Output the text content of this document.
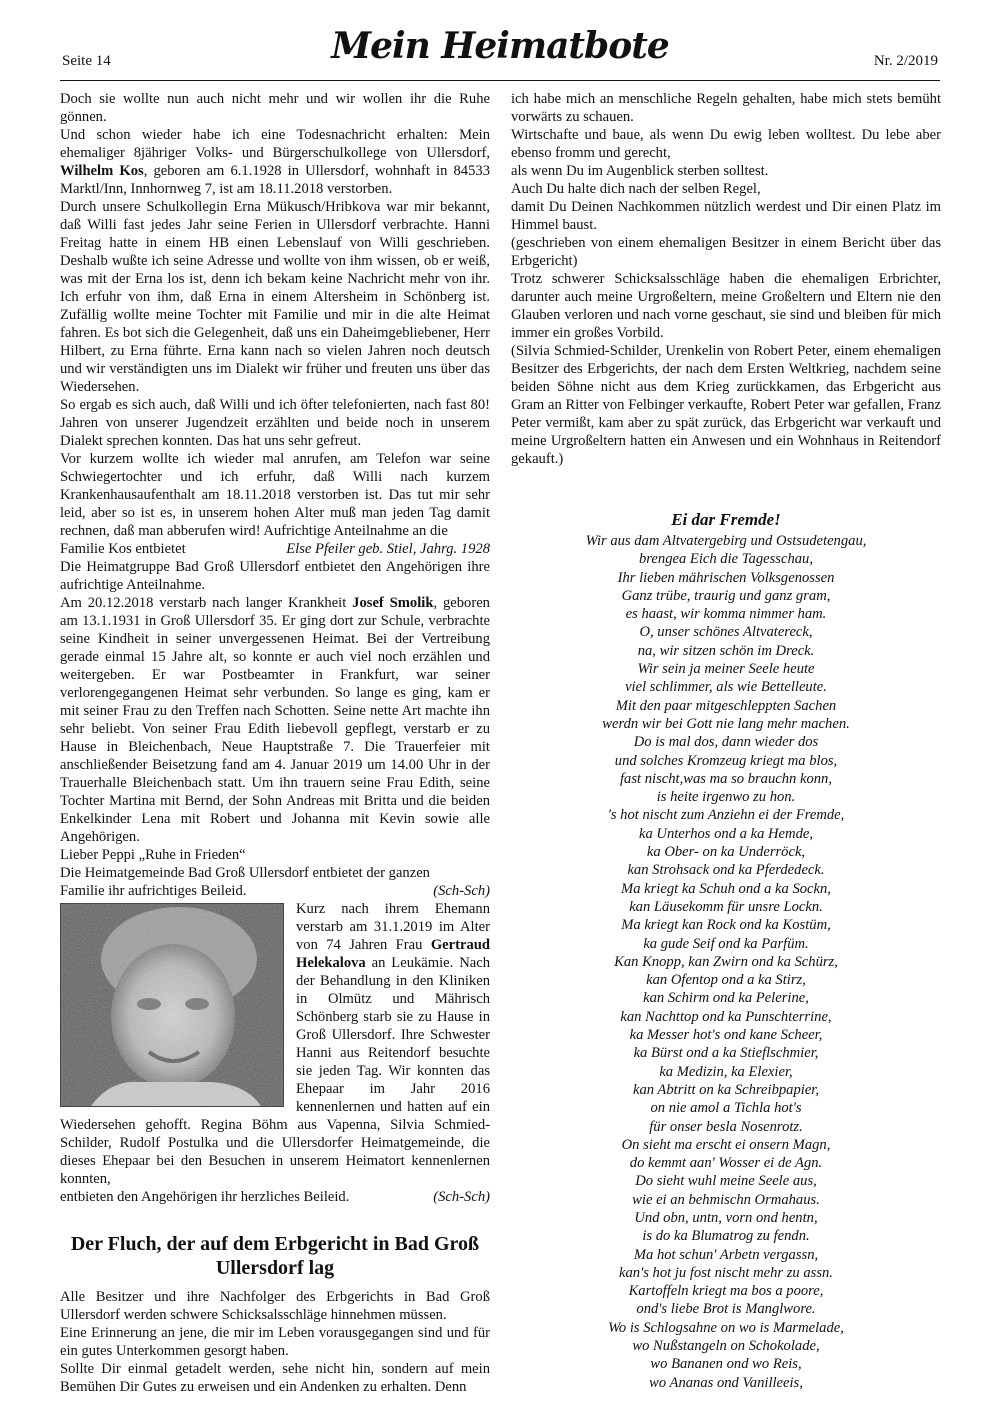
Seite 14	Mein Heimatbote	Nr. 2/2019

Doch sie wollte nun auch nicht mehr und wir wollen ihr die Ruhe gönnen.

Und schon wieder habe ich eine Todesnachricht erhalten: Mein ehemaliger 8jähriger Volks- und Bürgerschulkollege von Ullersdorf, Wilhelm Kos, geboren am 6.1.1928 in Ullersdorf, wohnhaft in 84533 Marktl/Inn, Innhornweg 7, ist am 18.11.2018 verstorben.

Durch unsere Schulkollegin Erna Mükusch/Hribkova war mir bekannt, daß Willi fast jedes Jahr seine Ferien in Ullersdorf verbrachte. Hanni Freitag hatte in einem HB einen Lebenslauf von Willi geschrieben. Deshalb wußte ich seine Adresse und wollte von ihm wissen, ob er weiß, was mit der Erna los ist, denn ich bekam keine Nachricht mehr von ihr. Ich erfuhr von ihm, daß Erna in einem Altersheim in Schönberg ist. Zufällig wollte meine Tochter mit Familie und mir in die alte Heimat fahren. Es bot sich die Gelegenheit, daß uns ein Daheimgebliebener, Herr Hilbert, zu Erna führte. Erna kann nach so vielen Jahren noch deutsch und wir verständigten uns im Dialekt wir früher und freuten uns über das Wiedersehen.

So ergab es sich auch, daß Willi und ich öfter telefonierten, nach fast 80! Jahren von unserer Jugendzeit erzählten und beide noch in unserem Dialekt sprechen konnten. Das hat uns sehr gefreut.

Vor kurzem wollte ich wieder mal anrufen, am Telefon war seine Schwiegertochter und ich erfuhr, daß Willi nach kurzem Krankenhausaufenthalt am 18.11.2018 verstorben ist. Das tut mir sehr leid, aber so ist es, in unserem hohen Alter muß man jeden Tag damit rechnen, daß man abberufen wird! Aufrichtige Anteilnahme an die

Familie Kos entbietet	Else Pfeiler geb. Stiel, Jahrg. 1928

Die Heimatgruppe Bad Groß Ullersdorf entbietet den Angehörigen ihre aufrichtige Anteilnahme.

Am 20.12.2018 verstarb nach langer Krankheit Josef Smolik, geboren am 13.1.1931 in Groß Ullersdorf 35. Er ging dort zur Schule, verbrachte seine Kindheit in seiner unvergessenen Heimat. Bei der Vertreibung gerade einmal 15 Jahre alt, so konnte er auch viel noch erzählen und weitergeben. Er war Postbeamter in Frankfurt, war seiner verlorengegangenen Heimat sehr verbunden. So lange es ging, kam er mit seiner Frau zu den Treffen nach Schotten. Seine nette Art machte ihn sehr beliebt. Von seiner Frau Edith liebevoll gepflegt, verstarb er zu Hause in Bleichenbach, Neue Hauptstraße 7. Die Trauerfeier mit anschließender Beisetzung fand am 4. Januar 2019 um 14.00 Uhr in der Trauerhalle Bleichenbach statt. Um ihn trauern seine Frau Edith, seine Tochter Martina mit Bernd, der Sohn Andreas mit Britta und die beiden Enkelkinder Lena mit Robert und Johanna mit Kevin sowie alle Angehörigen.

Lieber Peppi „Ruhe in Frieden“

Die Heimatgemeinde Bad Groß Ullersdorf entbietet der ganzen

Familie ihr aufrichtiges Beileid.	(Sch-Sch)

Kurz nach ihrem Ehemann verstarb am 31.1.2019 im Alter von 74 Jahren Frau Gertraud Helekalova an Leukämie. Nach der Behandlung in den Kliniken in Olmütz und Mährisch Schönberg starb sie zu Hause in Groß Ullersdorf. Ihre Schwester Hanni aus Reitendorf besuchte sie jeden Tag. Wir konnten das Ehepaar im Jahr 2016 kennenlernen und hatten auf ein Wiedersehen gehofft. Regina Böhm aus Vapenna, Silvia Schmied-Schilder, Rudolf Postulka und die Ullersdorfer Heimatgemeinde, die dieses Ehepaar bei den Besuchen in unserem Heimatort kennenlernen konnten,

entbieten den Angehörigen ihr herzliches Beileid.	(Sch-Sch)

Der Fluch, der auf dem Erbgericht in Bad Groß Ullersdorf lag

Alle Besitzer und ihre Nachfolger des Erbgerichts in Bad Groß Ullersdorf werden schwere Schicksalsschläge hinnehmen müssen.

Eine Erinnerung an jene, die mir im Leben vorausgegangen sind und für ein gutes Unterkommen gesorgt haben.

Sollte Dir einmal getadelt werden, sehe nicht hin, sondern auf mein Bemühen Dir Gutes zu erweisen und ein Andenken zu erhalten. Denn

ich habe mich an menschliche Regeln gehalten, habe mich stets bemüht vorwärts zu schauen.

Wirtschafte und baue, als wenn Du ewig leben wolltest. Du lebe aber ebenso fromm und gerecht,

als wenn Du im Augenblick sterben solltest.

Auch Du halte dich nach der selben Regel,

damit Du Deinen Nachkommen nützlich werdest und Dir einen Platz im Himmel baust.

(geschrieben von einem ehemaligen Besitzer in einem Bericht über das Erbgericht)

Trotz schwerer Schicksalsschläge haben die ehemaligen Erbrichter, darunter auch meine Urgroßeltern, meine Großeltern und Eltern nie den Glauben verloren und nach vorne geschaut, sie sind und bleiben für mich immer ein großes Vorbild.

(Silvia Schmied-Schilder, Urenkelin von Robert Peter, einem ehemaligen Besitzer des Erbgerichts, der nach dem Ersten Weltkrieg, nachdem seine beiden Söhne nicht aus dem Krieg zurückkamen, das Erbgericht aus Gram an Ritter von Felbinger verkaufte, Robert Peter war gefallen, Franz Peter vermißt, kam aber zu spät zurück, das Erbgericht war verkauft und meine Urgroßeltern hatten ein Anwesen und ein Wohnhaus in Reitendorf gekauft.)

Ei dar Fremde!
Wir aus dam Altvatergebirg und Ostsudetengau,
brengea Eich die Tagesschau,
Ihr lieben mährischen Volksgenossen
Ganz trübe, traurig und ganz gram,
es haast, wir komma nimmer ham.
O, unser schönes Altvatereck,
na, wir sitzen schön im Dreck.
Wir sein ja meiner Seele heute
viel schlimmer, als wie Bettelleute.
Mit den paar mitgeschleppten Sachen
werdn wir bei Gott nie lang mehr machen.
Do is mal dos, dann wieder dos
und solches Kromzeug kriegt ma blos,
fast nischt,was ma so brauchn konn,
is heite irgenwo zu hon.
's hot nischt zum Anziehn ei der Fremde,
ka Unterhos ond a ka Hemde,
ka Ober- on ka Underröck,
kan Strohsack ond ka Pferdedeck.
Ma kriegt ka Schuh ond a ka Sockn,
kan Läusekomm für unsre Lockn.
Ma kriegt kan Rock ond ka Kostüm,
ka gude Seif ond ka Parfüm.
Kan Knopp, kan Zwirn ond ka Schürz,
kan Ofentop ond a ka Stirz,
kan Schirm ond ka Pelerine,
kan Nachttop ond ka Punschterrine,
ka Messer hot's ond kane Scheer,
ka Bürst ond a ka Stieflschmier,
ka Medizin, ka Elexier,
kan Abtritt on ka Schreibpapier,
on nie amol a Tichla hot's
für onser besla Nosenrotz.
On sieht ma erscht ei onsern Magn,
do kemmt aan' Wosser ei de Agn.
Do sieht wuhl meine Seele aus,
wie ei an behmischn Ormahaus.
Und obn, untn, vorn ond hentn,
is do ka Blumatrog zu fendn.
Ma hot schun' Arbetn vergassn,
kan's hot ju fost nischt mehr zu assn.
Kartoffeln kriegt ma bos a poore,
ond's liebe Brot is Manglwore.
Wo is Schlogsahne on wo is Marmelade,
wo Nußstangeln on Schokolade,
wo Bananen ond wo Reis,
wo Ananas ond Vanilleeis,
